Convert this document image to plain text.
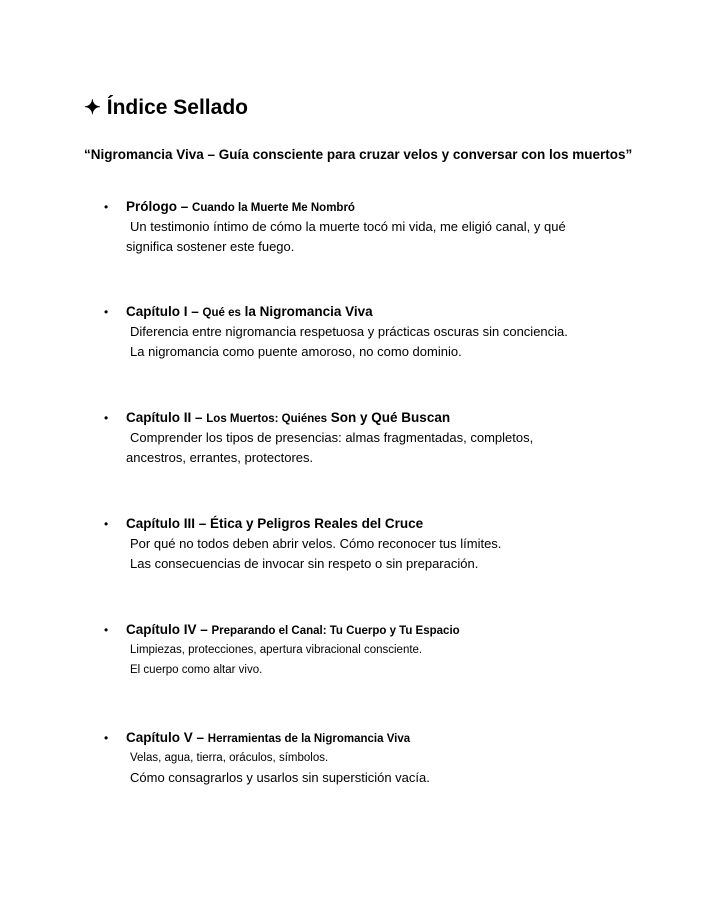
✦ Índice Sellado

“Nigromancia Viva – Guía consciente para cruzar velos y conversar con los muertos”

• Prólogo – Cuando la Muerte Me Nombró
Un testimonio íntimo de cómo la muerte tocó mi vida, me eligió canal, y qué
significa sostener este fuego.
• Capítulo I – Qué es la Nigromancia Viva
Diferencia entre nigromancia respetuosa y prácticas oscuras sin conciencia.
La nigromancia como puente amoroso, no como dominio.
• Capítulo II – Los Muertos: Quiénes Son y Qué Buscan
Comprender los tipos de presencias: almas fragmentadas, completos,
ancestros, errantes, protectores.
• Capítulo III – Ética y Peligros Reales del Cruce
Por qué no todos deben abrir velos. Cómo reconocer tus límites.
Las consecuencias de invocar sin respeto o sin preparación.
• Capítulo IV – Preparando el Canal: Tu Cuerpo y Tu Espacio
Limpiezas, protecciones, apertura vibracional consciente.
El cuerpo como altar vivo.
• Capítulo V – Herramientas de la Nigromancia Viva
Velas, agua, tierra, oráculos, símbolos.
Cómo consagrarlos y usarlos sin superstición vacía.
